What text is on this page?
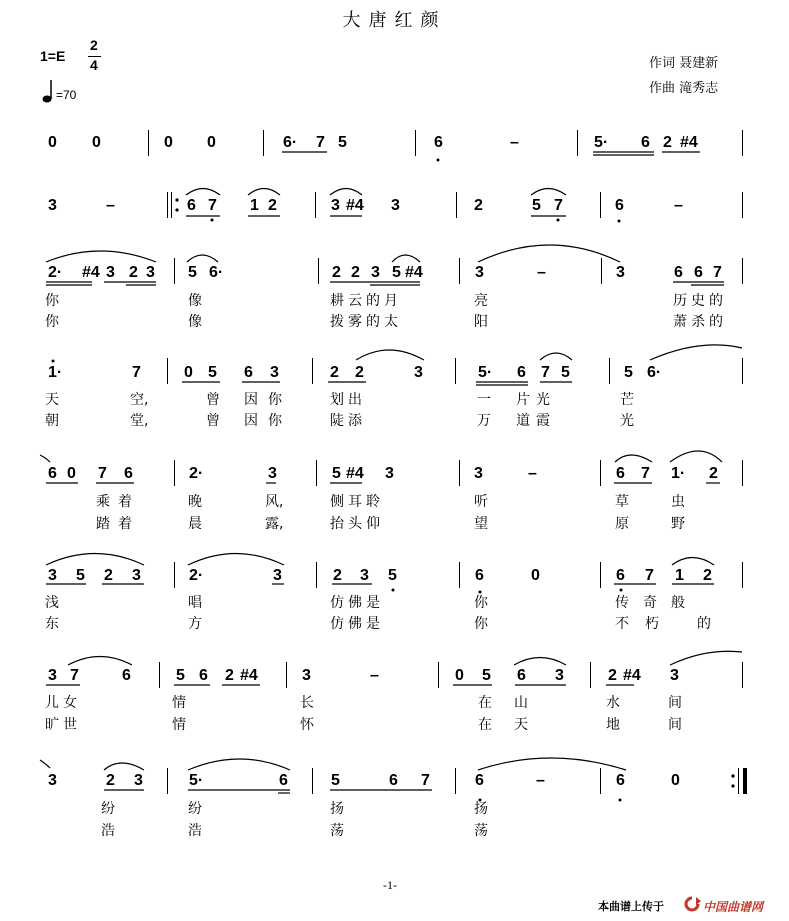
大唐红颜
1=E
2
4
=70
作词 聂建新
作曲 滝秀志
0 0	0 0	6· 7 5	6	–	5· 6 2 #4
3	–	6 7 1 2	3 #4 3	2	5 7	6	–
2· #4 3 2 3 5 6·	2 2 3 5 #4	3	–	3	6 6 7
你	像	耕云的月	亮	历史的
你	像	拨雾的太	阳	萧杀的
1·	7	0 5 6 3	2 2	3	5· 6 7 5	5 6·
天	空,	曾 因 你	划出	一 片光	芒
朝	堂,	曾 因 你	陡添	万 道霞	光
6 0 7 6	2·	3	5 #4 3	3	–	6 7 1· 2
乘着	晚	风,	侧耳聆	听	草	虫
踏着	晨	露,	抬头仰	望	原	野
3 5 2 3	2·	3	2 3 5	6	0	6 7 1 2
浅	唱	仿佛是	你	传奇般
东	方	仿佛是	你	不 朽	的
3 7	6	5 6 2 #4	3	–	0 5 6 3	2 #4 3
儿女	情	长	在 山	水	间
旷世	情	怀	在 天	地	间
3	2 3	5·	6	5	6 7	6	–	6	0
纷	纷	扬	扬
浩	浩	荡	荡
-1-
本曲谱上传于	中国曲谱网
